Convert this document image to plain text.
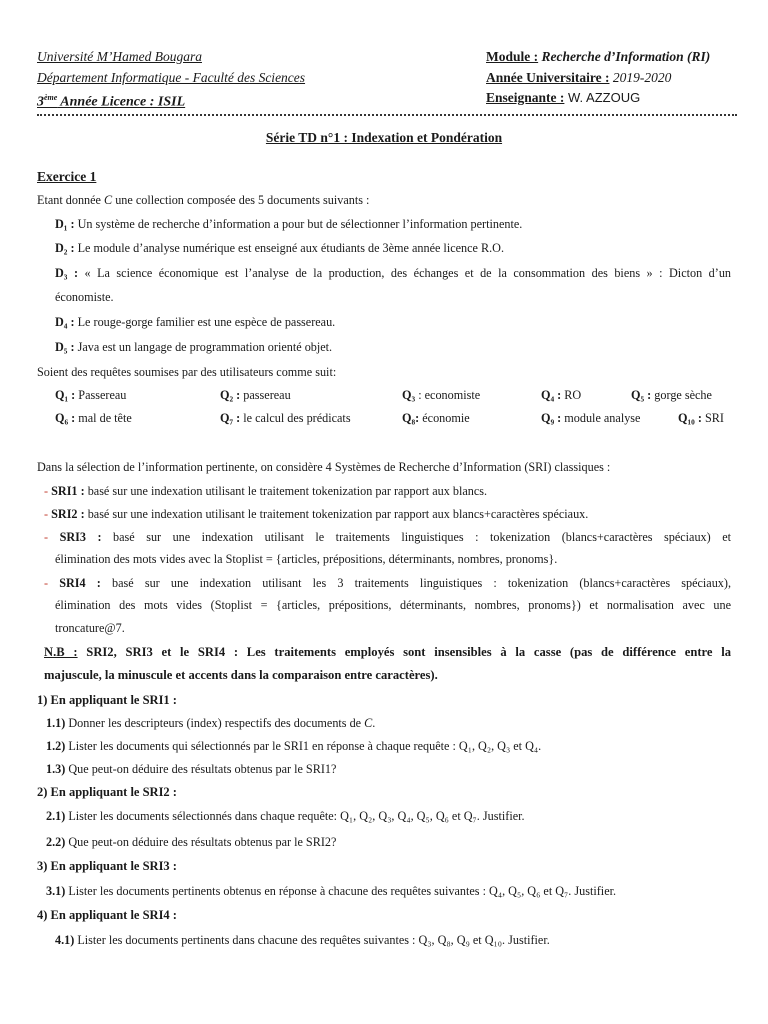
Université M’Hamed Bougara
Département Informatique - Faculté des Sciences
3ème Année Licence : ISIL
Module : Recherche d’Information (RI)
Année Universitaire : 2019-2020
Enseignante : W. AZZOUG
Série TD n°1 : Indexation et Pondération
Exercice 1
Etant donnée C une collection composée des 5 documents suivants :
D₁ : Un système de recherche d’information a pour but de sélectionner l’information pertinente.
D₂ : Le module d’analyse numérique est enseigné aux étudiants de 3ème année licence R.O.
D₃ : « La science économique est l’analyse de la production, des échanges et de la consommation des biens » : Dicton d’un
économiste.
D₄ : Le rouge-gorge familier est une espèce de passereau.
D₅ : Java est un langage de programmation orienté objet.
Soient des requêtes soumises par des utilisateurs comme suit:
Q₁ : Passereau	Q₂ : passereau	Q₃ : economiste	Q₄ : RO	Q₅ : gorge sèche
Q₆ : mal de tête	Q₇ : le calcul des prédicats	Q₈: économie	Q₉ : module analyse	Q₁₀ : SRI
Dans la sélection de l’information pertinente, on considère 4 Systèmes de Recherche d’Information (SRI) classiques :
- SRI1 : basé sur une indexation utilisant le traitement tokenization par rapport aux blancs.
- SRI2 : basé sur une indexation utilisant le traitement tokenization par rapport aux blancs+caractères spéciaux.
- SRI3 : basé sur une indexation utilisant le traitements linguistiques : tokenization (blancs+caractères spéciaux) et
élimination des mots vides avec la Stoplist = {articles, prépositions, déterminants, nombres, pronoms}.
- SRI4 : basé sur une indexation utilisant les 3 traitements linguistiques : tokenization (blancs+caractères spéciaux),
élimination des mots vides (Stoplist = {articles, prépositions, déterminants, nombres, pronoms}) et normalisation avec une
troncature@7.
N.B : SRI2, SRI3 et le SRI4 : Les traitements employés sont insensibles à la casse (pas de différence entre la
majuscule, la minuscule et accents dans la comparaison entre caractères).
1) En appliquant le SRI1 :
1.1) Donner les descripteurs (index) respectifs des documents de C.
1.2) Lister les documents qui sélectionnés par le SRI1 en réponse à chaque requête : Q₁, Q₂, Q₃ et Q₄.
1.3) Que peut-on déduire des résultats obtenus par le SRI1?
2) En appliquant le SRI2 :
2.1) Lister les documents sélectionnés dans chaque requête: Q₁, Q₂, Q₃, Q₄, Q₅, Q₆ et Q₇. Justifier.
2.2) Que peut-on déduire des résultats obtenus par le SRI2?
3) En appliquant le SRI3 :
3.1) Lister les documents pertinents obtenus en réponse à chacune des requêtes suivantes : Q₄, Q₅, Q₆ et Q₇. Justifier.
4) En appliquant le SRI4 :
4.1) Lister les documents pertinents dans chacune des requêtes suivantes : Q₃, Q₈, Q₉ et Q₁₀. Justifier.
